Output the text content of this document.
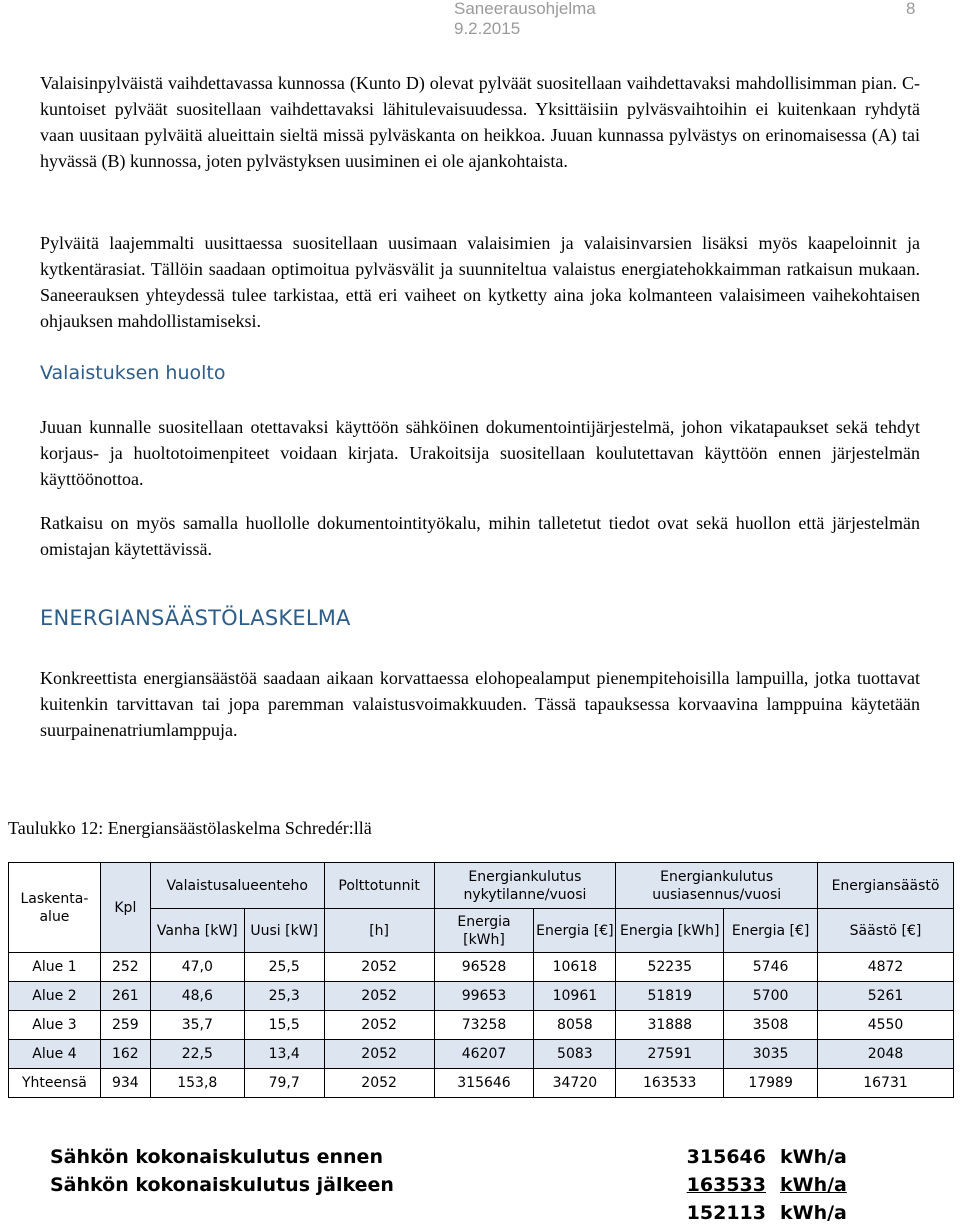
Saneerausohjelma
9.2.2015
8

Valaisinpylväistä vaihdettavassa kunnossa (Kunto D) olevat pylväät suositellaan vaihdettavaksi mahdollisimman pian. C-kuntoiset pylväät suositellaan vaihdettavaksi lähitulevaisuudessa. Yksittäisiin pylväsvaihtoihin ei kuitenkaan ryhdytä vaan uusitaan pylväitä alueittain sieltä missä pylväskanta on heikkoa. Juuan kunnassa pylvästys on erinomaisessa (A) tai hyvässä (B) kunnossa, joten pylvästyksen uusiminen ei ole ajankohtaista.

Pylväitä laajemmalti uusittaessa suositellaan uusimaan valaisimien ja valaisinvarsien lisäksi myös kaapeloinnit ja kytkentärasiat. Tällöin saadaan optimoitua pylväsvälit ja suunniteltua valaistus energiatehokkaimman ratkaisun mukaan. Saneerauksen yhteydessä tulee tarkistaa, että eri vaiheet on kytketty aina joka kolmanteen valaisimeen vaihekohtaisen ohjauksen mahdollistamiseksi.

Valaistuksen huolto

Juuan kunnalle suositellaan otettavaksi käyttöön sähköinen dokumentointijärjestelmä, johon vikatapaukset sekä tehdyt korjaus- ja huoltotoimenpiteet voidaan kirjata. Urakoitsija suositellaan koulutettavan käyttöön ennen järjestelmän käyttöönottoa.

Ratkaisu on myös samalla huollolle dokumentointityökalu, mihin talletetut tiedot ovat sekä huollon että järjestelmän omistajan käytettävissä.

ENERGIANSÄÄSTÖLASKELMA

Konkreettista energiansäästöä saadaan aikaan korvattaessa elohopealamput pienempitehoisilla lampuilla, jotka tuottavat kuitenkin tarvittavan tai jopa paremman valaistusvoimakkuuden. Tässä tapauksessa korvaavina lamppuina käytetään suurpainenatriumlamppuja.

Taulukko 12: Energiansäästölaskelma Schredér:llä

Laskenta-alue	Kpl	Valaistusalueenteho		Polttotunnit	Energiankulutus nykytilanne/vuosi		Energiankulutus uusiasennus/vuosi		Energiansäästö

		Vanha [kW]	Uusi [kW]	[h]	Energia [kWh]	Energia [€]	Energia [kWh]	Energia [€]	Säästö [€]
Alue 1	252	47,0	25,5	2052	96528	10618	52235	5746	4872
Alue 2	261	48,6	25,3	2052	99653	10961	51819	5700	5261
Alue 3	259	35,7	15,5	2052	73258	8058	31888	3508	4550
Alue 4	162	22,5	13,4	2052	46207	5083	27591	3035	2048
Yhteensä	934	153,8	79,7	2052	315646	34720	163533	17989	16731
Sähkön kokonaiskulutus ennen	315646 kWh/a
Sähkön kokonaiskulutus jälkeen	163533 kWh/a
152113 kWh/a
